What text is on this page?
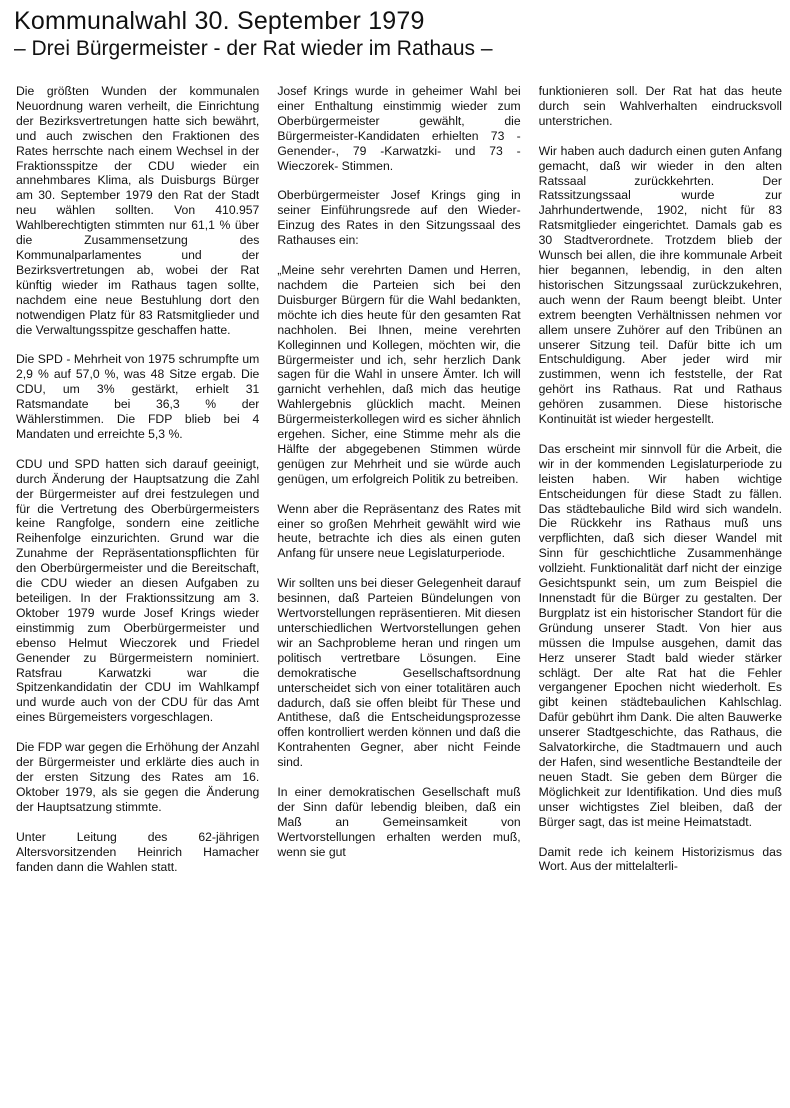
Kommunalwahl 30. September 1979
– Drei Bürgermeister - der Rat wieder im Rathaus –

Die größten Wunden der kommunalen Neuordnung waren verheilt, die Einrichtung der Bezirksvertretungen hatte sich bewährt, und auch zwischen den Fraktionen des Rates herrschte nach einem Wechsel in der Fraktionsspitze der CDU wieder ein annehmbares Klima, als Duisburgs Bürger am 30. September 1979 den Rat der Stadt neu wählen sollten. Von 410.957 Wahlberechtigten stimmten nur 61,1 % über die Zusammensetzung des Kommunalparlamentes und der Bezirksvertretungen ab, wobei der Rat künftig wieder im Rathaus tagen sollte, nachdem eine neue Bestuhlung dort den notwendigen Platz für 83 Ratsmitglieder und die Verwaltungsspitze geschaffen hatte.

Die SPD - Mehrheit von 1975 schrumpfte um 2,9 % auf 57,0 %, was 48 Sitze ergab. Die CDU, um 3% gestärkt, erhielt 31 Ratsmandate bei 36,3 % der Wählerstimmen. Die FDP blieb bei 4 Mandaten und erreichte 5,3 %.

CDU und SPD hatten sich darauf geeinigt, durch Änderung der Hauptsatzung die Zahl der Bürgermeister auf drei festzulegen und für die Vertretung des Oberbürgermeisters keine Rangfolge, sondern eine zeitliche Reihenfolge einzurichten. Grund war die Zunahme der Repräsentationspflichten für den Oberbürgermeister und die Bereitschaft, die CDU wieder an diesen Aufgaben zu beteiligen. In der Fraktionssitzung am 3. Oktober 1979 wurde Josef Krings wieder einstimmig zum Oberbürgermeister und ebenso Helmut Wieczorek und Friedel Genender zu Bürgermeistern nominiert. Ratsfrau Karwatzki war die Spitzenkandidatin der CDU im Wahlkampf und wurde auch von der CDU für das Amt eines Bürgemeisters vorgeschlagen.

Die FDP war gegen die Erhöhung der Anzahl der Bürgermeister und erklärte dies auch in der ersten Sitzung des Rates am 16. Oktober 1979, als sie gegen die Änderung der Hauptsatzung stimmte.

Unter Leitung des 62-jährigen Altersvorsitzenden Heinrich Hamacher fanden dann die Wahlen statt.

Josef Krings wurde in geheimer Wahl bei einer Enthaltung einstimmig wieder zum Oberbürgermeister gewählt, die Bürgermeister-Kandidaten erhielten 73 -Genender-, 79 -Karwatzki- und 73 - Wieczorek- Stimmen.

Oberbürgermeister Josef Krings ging in seiner Einführungsrede auf den Wieder-Einzug des Rates in den Sitzungssaal des Rathauses ein:

„Meine sehr verehrten Damen und Herren, nachdem die Parteien sich bei den Duisburger Bürgern für die Wahl bedankten, möchte ich dies heute für den gesamten Rat nachholen. Bei Ihnen, meine verehrten Kolleginnen und Kollegen, möchten wir, die Bürgermeister und ich, sehr herzlich Dank sagen für die Wahl in unsere Ämter. Ich will garnicht verhehlen, daß mich das heutige Wahlergebnis glücklich macht. Meinen Bürgermeisterkollegen wird es sicher ähnlich ergehen. Sicher, eine Stimme mehr als die Hälfte der abgegebenen Stimmen würde genügen zur Mehrheit und sie würde auch genügen, um erfolgreich Politik zu betreiben.

Wenn aber die Repräsentanz des Rates mit einer so großen Mehrheit gewählt wird wie heute, betrachte ich dies als einen guten Anfang für unsere neue Legislaturperiode.

Wir sollten uns bei dieser Gelegenheit darauf besinnen, daß Parteien Bündelungen von Wertvorstellungen repräsentieren. Mit diesen unterschiedlichen Wertvorstellungen gehen wir an Sachprobleme heran und ringen um politisch vertretbare Lösungen. Eine demokratische Gesellschaftsordnung unterscheidet sich von einer totalitären auch dadurch, daß sie offen bleibt für These und Antithese, daß die Entscheidungsprozesse offen kontrolliert werden können und daß die Kontrahenten Gegner, aber nicht Feinde sind.

In einer demokratischen Gesellschaft muß der Sinn dafür lebendig bleiben, daß ein Maß an Gemeinsamkeit von Wertvorstellungen erhalten werden muß, wenn sie gut

funktionieren soll. Der Rat hat das heute durch sein Wahlverhalten eindrucksvoll unterstrichen.

Wir haben auch dadurch einen guten Anfang gemacht, daß wir wieder in den alten Ratssaal zurückkehrten. Der Ratssitzungssaal wurde zur Jahrhundertwende, 1902, nicht für 83 Ratsmitglieder eingerichtet. Damals gab es 30 Stadtverordnete. Trotzdem blieb der Wunsch bei allen, die ihre kommunale Arbeit hier begannen, lebendig, in den alten historischen Sitzungssaal zurückzukehren, auch wenn der Raum beengt bleibt. Unter extrem beengten Verhältnissen nehmen vor allem unsere Zuhörer auf den Tribünen an unserer Sitzung teil. Dafür bitte ich um Entschuldigung. Aber jeder wird mir zustimmen, wenn ich feststelle, der Rat gehört ins Rathaus. Rat und Rathaus gehören zusammen. Diese historische Kontinuität ist wieder hergestellt.

Das erscheint mir sinnvoll für die Arbeit, die wir in der kommenden Legislaturperiode zu leisten haben. Wir haben wichtige Entscheidungen für diese Stadt zu fällen. Das städtebauliche Bild wird sich wandeln. Die Rückkehr ins Rathaus muß uns verpflichten, daß sich dieser Wandel mit Sinn für geschichtliche Zusammenhänge vollzieht. Funktionalität darf nicht der einzige Gesichtspunkt sein, um zum Beispiel die Innenstadt für die Bürger zu gestalten. Der Burgplatz ist ein historischer Standort für die Gründung unserer Stadt. Von hier aus müssen die Impulse ausgehen, damit das Herz unserer Stadt bald wieder stärker schlägt. Der alte Rat hat die Fehler vergangener Epochen nicht wiederholt. Es gibt keinen städtebaulichen Kahlschlag. Dafür gebührt ihm Dank. Die alten Bauwerke unserer Stadtgeschichte, das Rathaus, die Salvatorkirche, die Stadtmauern und auch der Hafen, sind wesentliche Bestandteile der neuen Stadt. Sie geben dem Bürger die Möglichkeit zur Identifikation. Und dies muß unser wichtigstes Ziel bleiben, daß der Bürger sagt, das ist meine Heimatstadt.

Damit rede ich keinem Historizismus das Wort. Aus der mittelalterli-
